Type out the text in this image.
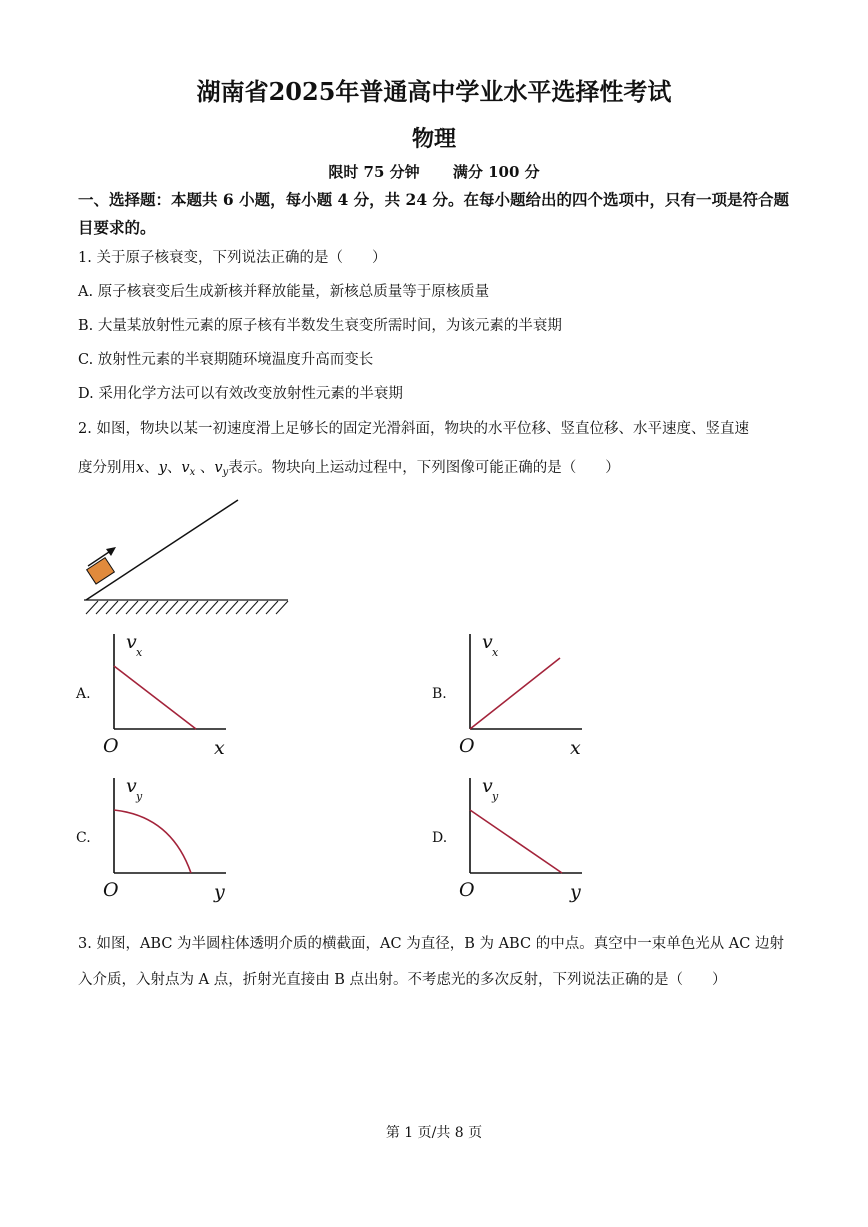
湖南省2025年普通高中学业水平选择性考试
物理
限时 75 分钟 满分 100 分
一、选择题：本题共 6 小题，每小题 4 分，共 24 分。在每小题给出的四个选项中，只有一项是符合题目要求的。
1. 关于原子核衰变，下列说法正确的是（　　）
A. 原子核衰变后生成新核并释放能量，新核总质量等于原核质量
B. 大量某放射性元素的原子核有半数发生衰变所需时间，为该元素的半衰期
C. 放射性元素的半衰期随环境温度升高而变长
D. 采用化学方法可以有效改变放射性元素的半衰期
2. 如图，物块以某一初速度滑上足够长的固定光滑斜面，物块的水平位移、竖直位移、水平速度、竖直速
度分别用x、y、$v_x$ 、$v_y$表示。物块向上运动过程中，下列图像可能正确的是（　　）
A.
v x
O	x
B.
v x
O	x
C.
v y
O	y
D.
v y
O	y
3. 如图，ABC 为半圆柱体透明介质的横截面，AC 为直径，B 为 ABC 的中点。真空中一束单色光从 AC 边射入介质，入射点为 A 点，折射光直接由 B 点出射。不考虑光的多次反射，下列说法正确的是（　　）
第 1 页/共 8 页
